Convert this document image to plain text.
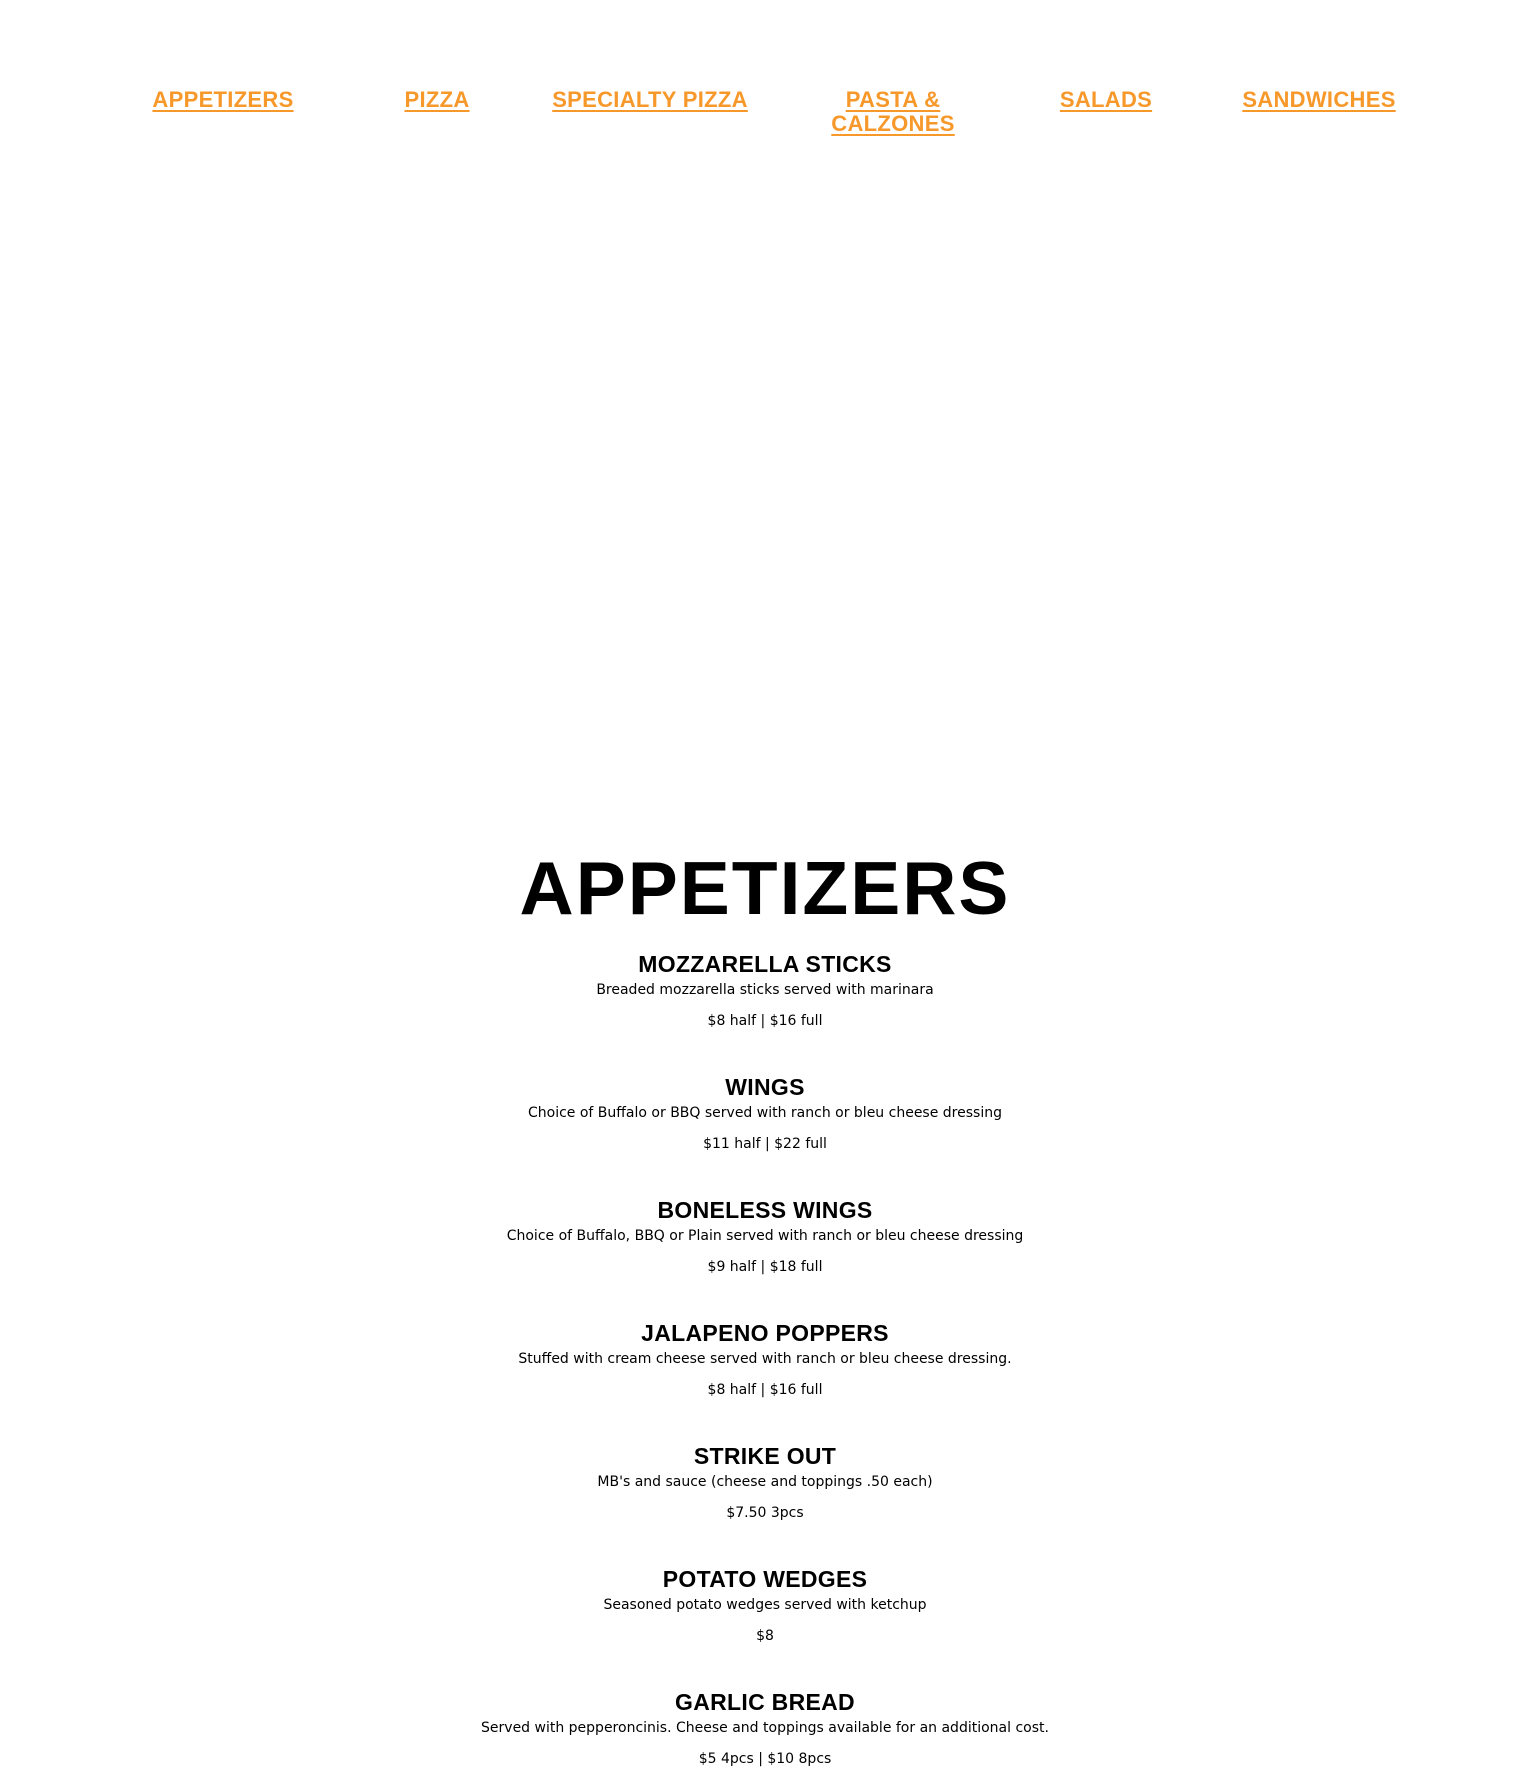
APPETIZERS	PIZZA	SPECIALTY PIZZA	PASTA & CALZONES
SALADS	SANDWICHES
APPETIZERS
MOZZARELLA STICKS
Breaded mozzarella sticks served with marinara
$8 half | $16 full
WINGS
Choice of Buffalo or BBQ served with ranch or bleu cheese dressing
$11 half | $22 full
BONELESS WINGS
Choice of Buffalo, BBQ or Plain served with ranch or bleu cheese dressing
$9 half | $18 full
JALAPENO POPPERS
Stuffed with cream cheese served with ranch or bleu cheese dressing.
$8 half | $16 full
STRIKE OUT
MB's and sauce (cheese and toppings .50 each)
$7.50 3pcs
POTATO WEDGES
Seasoned potato wedges served with ketchup
$8
GARLIC BREAD
Served with pepperoncinis. Cheese and toppings available for an additional cost.
$5 4pcs | $10 8pcs
